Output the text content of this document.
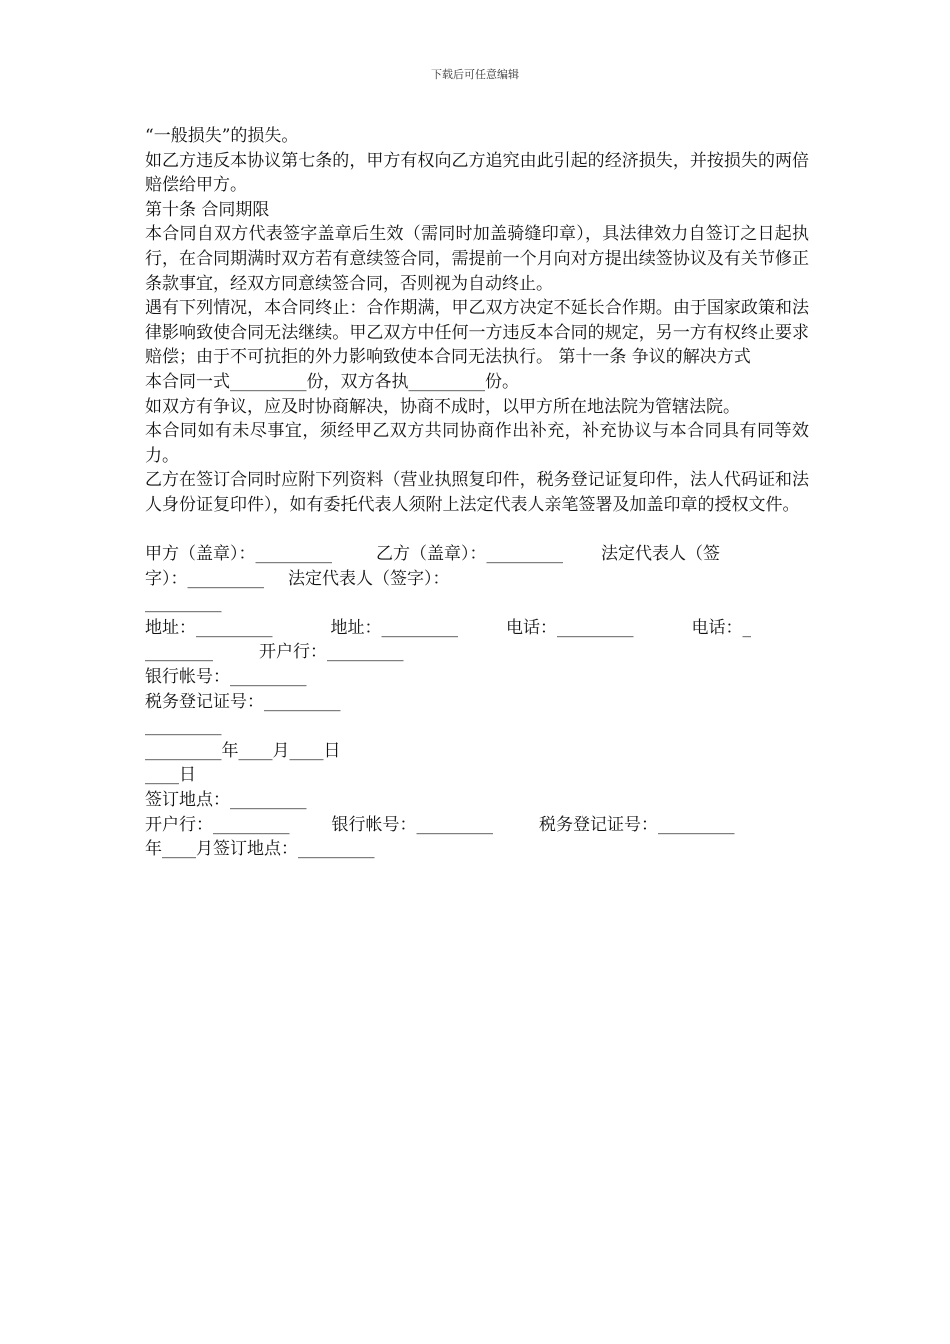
下载后可任意编辑

“一般损失”的损失。

如乙方违反本协议第七条的，甲方有权向乙方追究由此引起的经济损失，并按损失的两倍赔偿给甲方。

第十条 合同期限

本合同自双方代表签字盖章后生效（需同时加盖骑缝印章），具法律效力自签订之日起执行，在合同期满时双方若有意续签合同，需提前一个月向对方提出续签协议及有关节修正条款事宜，经双方同意续签合同，否则视为自动终止。

遇有下列情况，本合同终止：合作期满，甲乙双方决定不延长合作期。由于国家政策和法律影响致使合同无法继续。甲乙双方中任何一方违反本合同的规定，另一方有权终止要求赔偿；由于不可抗拒的外力影响致使本合同无法执行。 第十一条 争议的解决方式

本合同一式_________份，双方各执_________份。

如双方有争议，应及时协商解决，协商不成时，以甲方所在地法院为管辖法院。

本合同如有未尽事宜，须经甲乙双方共同协商作出补充，补充协议与本合同具有同等效力。

乙方在签订合同时应附下列资料（营业执照复印件，税务登记证复印件，法人代码证和法人身份证复印件），如有委托代表人须附上法定代表人亲笔签署及加盖印章的授权文件。

甲方（盖章）：_________	乙方（盖章）：_________ 法定代表人（签
字）：_________ 法定代表人（签字）：
_________
地址：_________	地址：_________	电话：_________	电话：_
________	开户行：_________
银行帐号：_________
税务登记证号：_________
_________
_________年____月____日
____日
签订地点：_________
开户行：_________ 银行帐号：_________	税务登记证号：_________
年____月签订地点：_________
